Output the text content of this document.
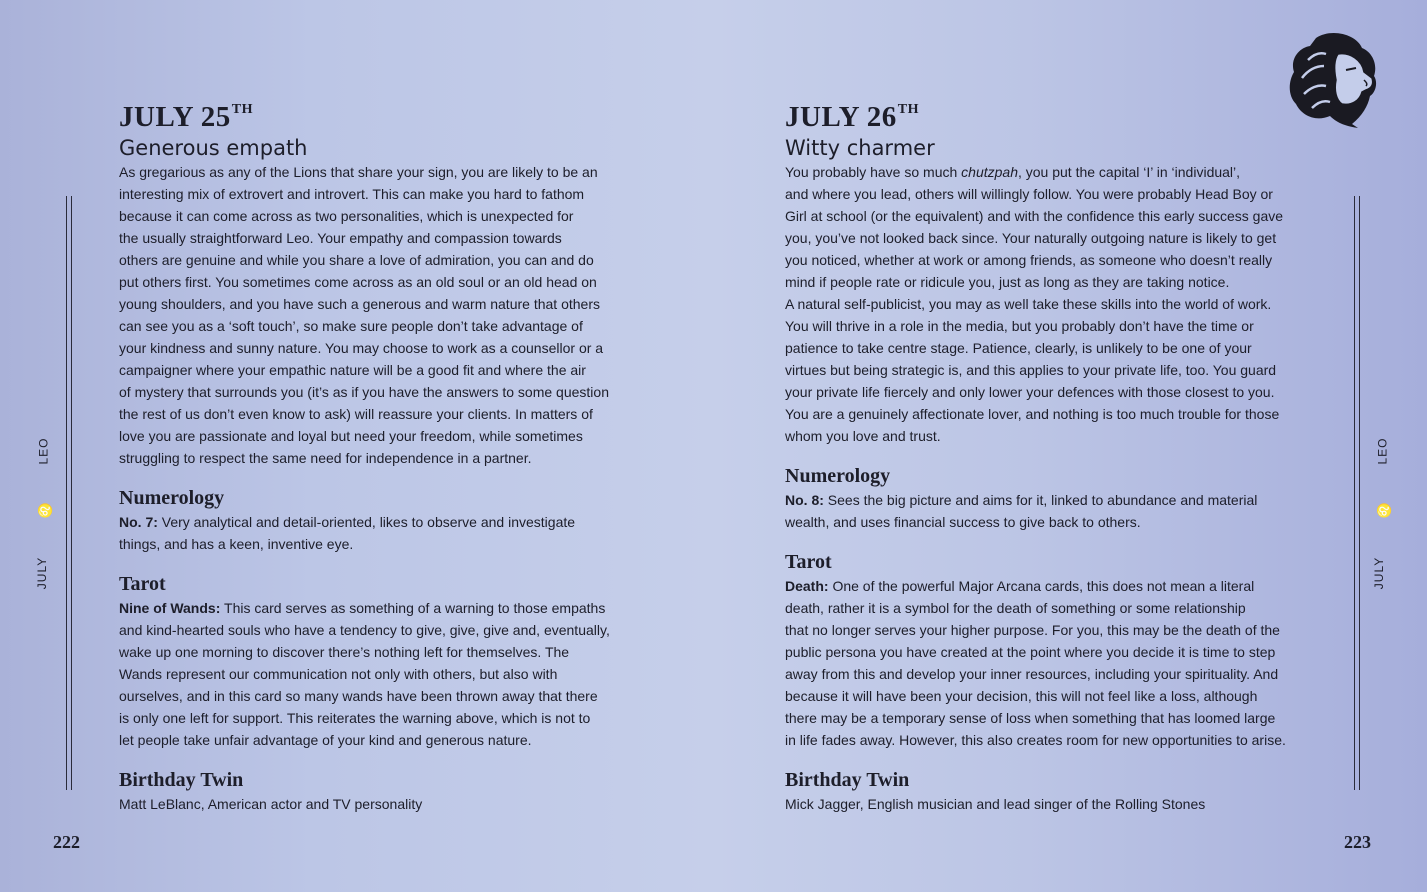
JULY
♌
LEO
JULY 25TH
Generous empath

As gregarious as any of the Lions that share your sign, you are likely to be an
interesting mix of extrovert and introvert. This can make you hard to fathom
because it can come across as two personalities, which is unexpected for
the usually straightforward Leo. Your empathy and compassion towards
others are genuine and while you share a love of admiration, you can and do
put others first. You sometimes come across as an old soul or an old head on
young shoulders, and you have such a generous and warm nature that others
can see you as a ‘soft touch’, so make sure people don’t take advantage of
your kindness and sunny nature. You may choose to work as a counsellor or a
campaigner where your empathic nature will be a good fit and where the air
of mystery that surrounds you (it’s as if you have the answers to some question
the rest of us don’t even know to ask) will reassure your clients. In matters of
love you are passionate and loyal but need your freedom, while sometimes
struggling to respect the same need for independence in a partner.

Numerology

No. 7: Very analytical and detail-oriented, likes to observe and investigate
things, and has a keen, inventive eye.

Tarot

Nine of Wands: This card serves as something of a warning to those empaths
and kind-hearted souls who have a tendency to give, give, give and, eventually,
wake up one morning to discover there’s nothing left for themselves. The
Wands represent our communication not only with others, but also with
ourselves, and in this card so many wands have been thrown away that there
is only one left for support. This reiterates the warning above, which is not to
let people take unfair advantage of your kind and generous nature.

Birthday Twin

Matt LeBlanc, American actor and TV personality

222
JULY 26TH
Witty charmer

You probably have so much chutzpah, you put the capital ‘I’ in ‘individual’,
and where you lead, others will willingly follow. You were probably Head Boy or
Girl at school (or the equivalent) and with the confidence this early success gave
you, you’ve not looked back since. Your naturally outgoing nature is likely to get
you noticed, whether at work or among friends, as someone who doesn’t really
mind if people rate or ridicule you, just as long as they are taking notice.
A natural self-publicist, you may as well take these skills into the world of work.
You will thrive in a role in the media, but you probably don’t have the time or
patience to take centre stage. Patience, clearly, is unlikely to be one of your
virtues but being strategic is, and this applies to your private life, too. You guard
your private life fiercely and only lower your defences with those closest to you.
You are a genuinely affectionate lover, and nothing is too much trouble for those
whom you love and trust.

Numerology

No. 8: Sees the big picture and aims for it, linked to abundance and material
wealth, and uses financial success to give back to others.

Tarot

Death: One of the powerful Major Arcana cards, this does not mean a literal
death, rather it is a symbol for the death of something or some relationship
that no longer serves your higher purpose. For you, this may be the death of the
public persona you have created at the point where you decide it is time to step
away from this and develop your inner resources, including your spirituality. And
because it will have been your decision, this will not feel like a loss, although
there may be a temporary sense of loss when something that has loomed large
in life fades away. However, this also creates room for new opportunities to arise.

Birthday Twin

Mick Jagger, English musician and lead singer of the Rolling Stones

JULY
♌
LEO
223
